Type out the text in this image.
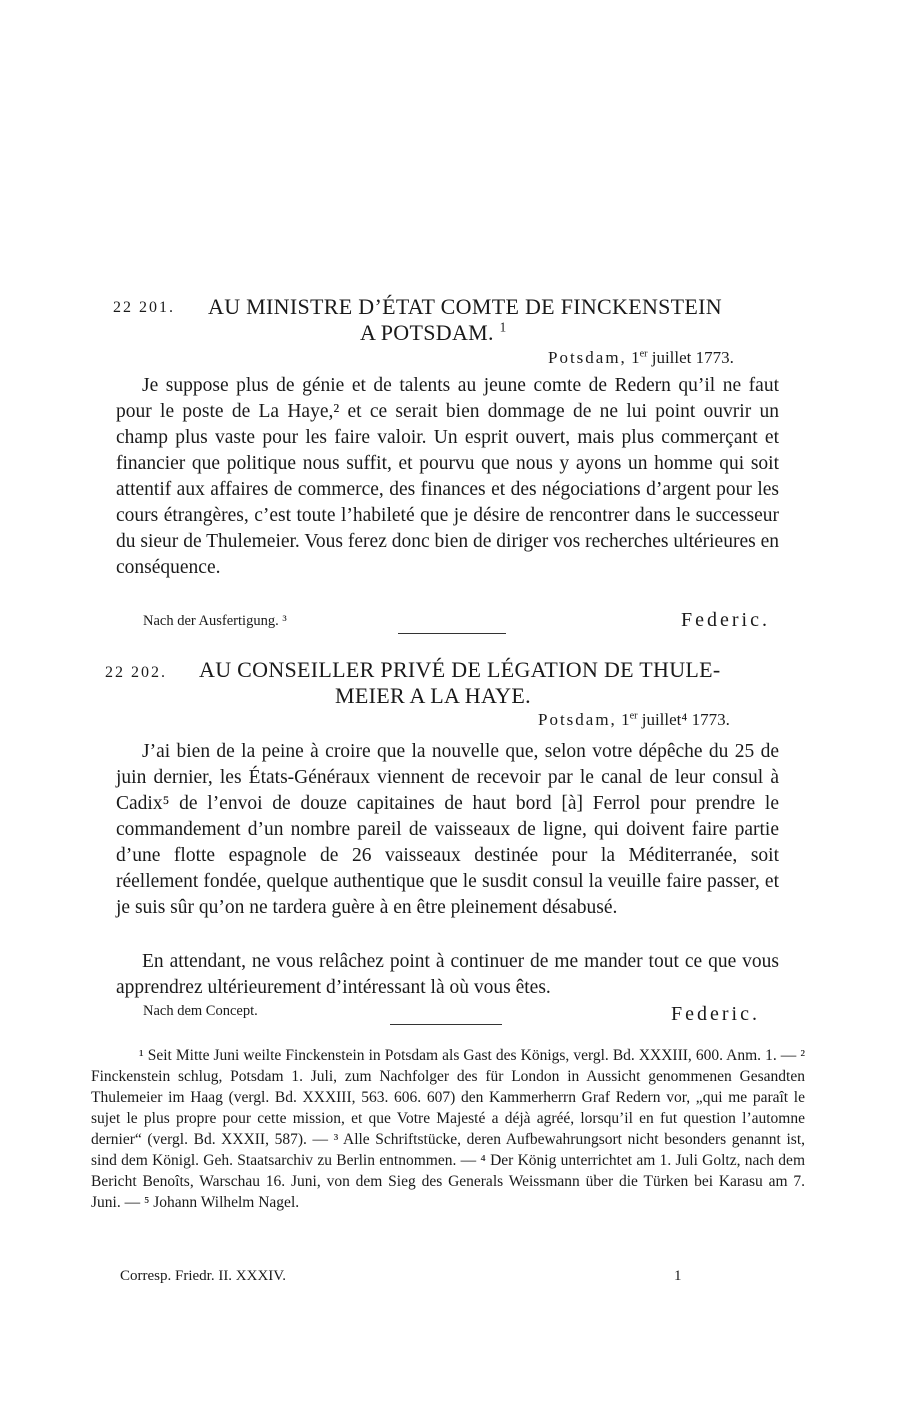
22 201. AU MINISTRE D’ÉTAT COMTE DE FINCKENSTEIN
A POTSDAM. $^1$
Potsdam, 1er juillet 1773.

Je suppose plus de génie et de talents au jeune comte de Redern qu’il ne faut pour le poste de La Haye,² et ce serait bien dommage de ne lui point ouvrir un champ plus vaste pour les faire valoir. Un esprit ouvert, mais plus commerçant et financier que politique nous suffit, et pourvu que nous y ayons un homme qui soit attentif aux affaires de commerce, des finances et des négociations d’argent pour les cours étrangères, c’est toute l’habileté que je désire de rencontrer dans le successeur du sieur de Thulemeier. Vous ferez donc bien de diriger vos recherches ultérieures en conséquence.

Nach der Ausfertigung. ³	Federic.
22 202. AU CONSEILLER PRIVÉ DE LÉGATION DE THULE-
MEIER A LA HAYE.
Potsdam, 1er juillet⁴ 1773.

J’ai bien de la peine à croire que la nouvelle que, selon votre dépêche du 25 de juin dernier, les États-Généraux viennent de recevoir par le canal de leur consul à Cadix⁵ de l’envoi de douze capitaines de haut bord [à] Ferrol pour prendre le commandement d’un nombre pareil de vaisseaux de ligne, qui doivent faire partie d’une flotte espagnole de 26 vaisseaux destinée pour la Méditerranée, soit réellement fondée, quelque authentique que le susdit consul la veuille faire passer, et je suis sûr qu’on ne tardera guère à en être pleinement désabusé.

En attendant, ne vous relâchez point à continuer de me mander tout ce que vous apprendrez ultérieurement d’intéressant là où vous êtes.

Nach dem Concept.	Federic.

¹ Seit Mitte Juni weilte Finckenstein in Potsdam als Gast des Königs, vergl. Bd. XXXIII, 600. Anm. 1. — ² Finckenstein schlug, Potsdam 1. Juli, zum Nachfolger des für London in Aussicht genommenen Gesandten Thulemeier im Haag (vergl. Bd. XXXIII, 563. 606. 607) den Kammerherrn Graf Redern vor, „qui me paraît le sujet le plus propre pour cette mission, et que Votre Majesté a déjà agréé, lorsqu’il en fut question l’automne dernier“ (vergl. Bd. XXXII, 587). — ³ Alle Schriftstücke, deren Aufbewahrungsort nicht besonders genannt ist, sind dem Königl. Geh. Staatsarchiv zu Berlin entnommen. — ⁴ Der König unterrichtet am 1. Juli Goltz, nach dem Bericht Benoîts, Warschau 16. Juni, von dem Sieg des Generals Weissmann über die Türken bei Karasu am 7. Juni. — ⁵ Johann Wilhelm Nagel.

Corresp. Friedr. II. XXXIV.	1
